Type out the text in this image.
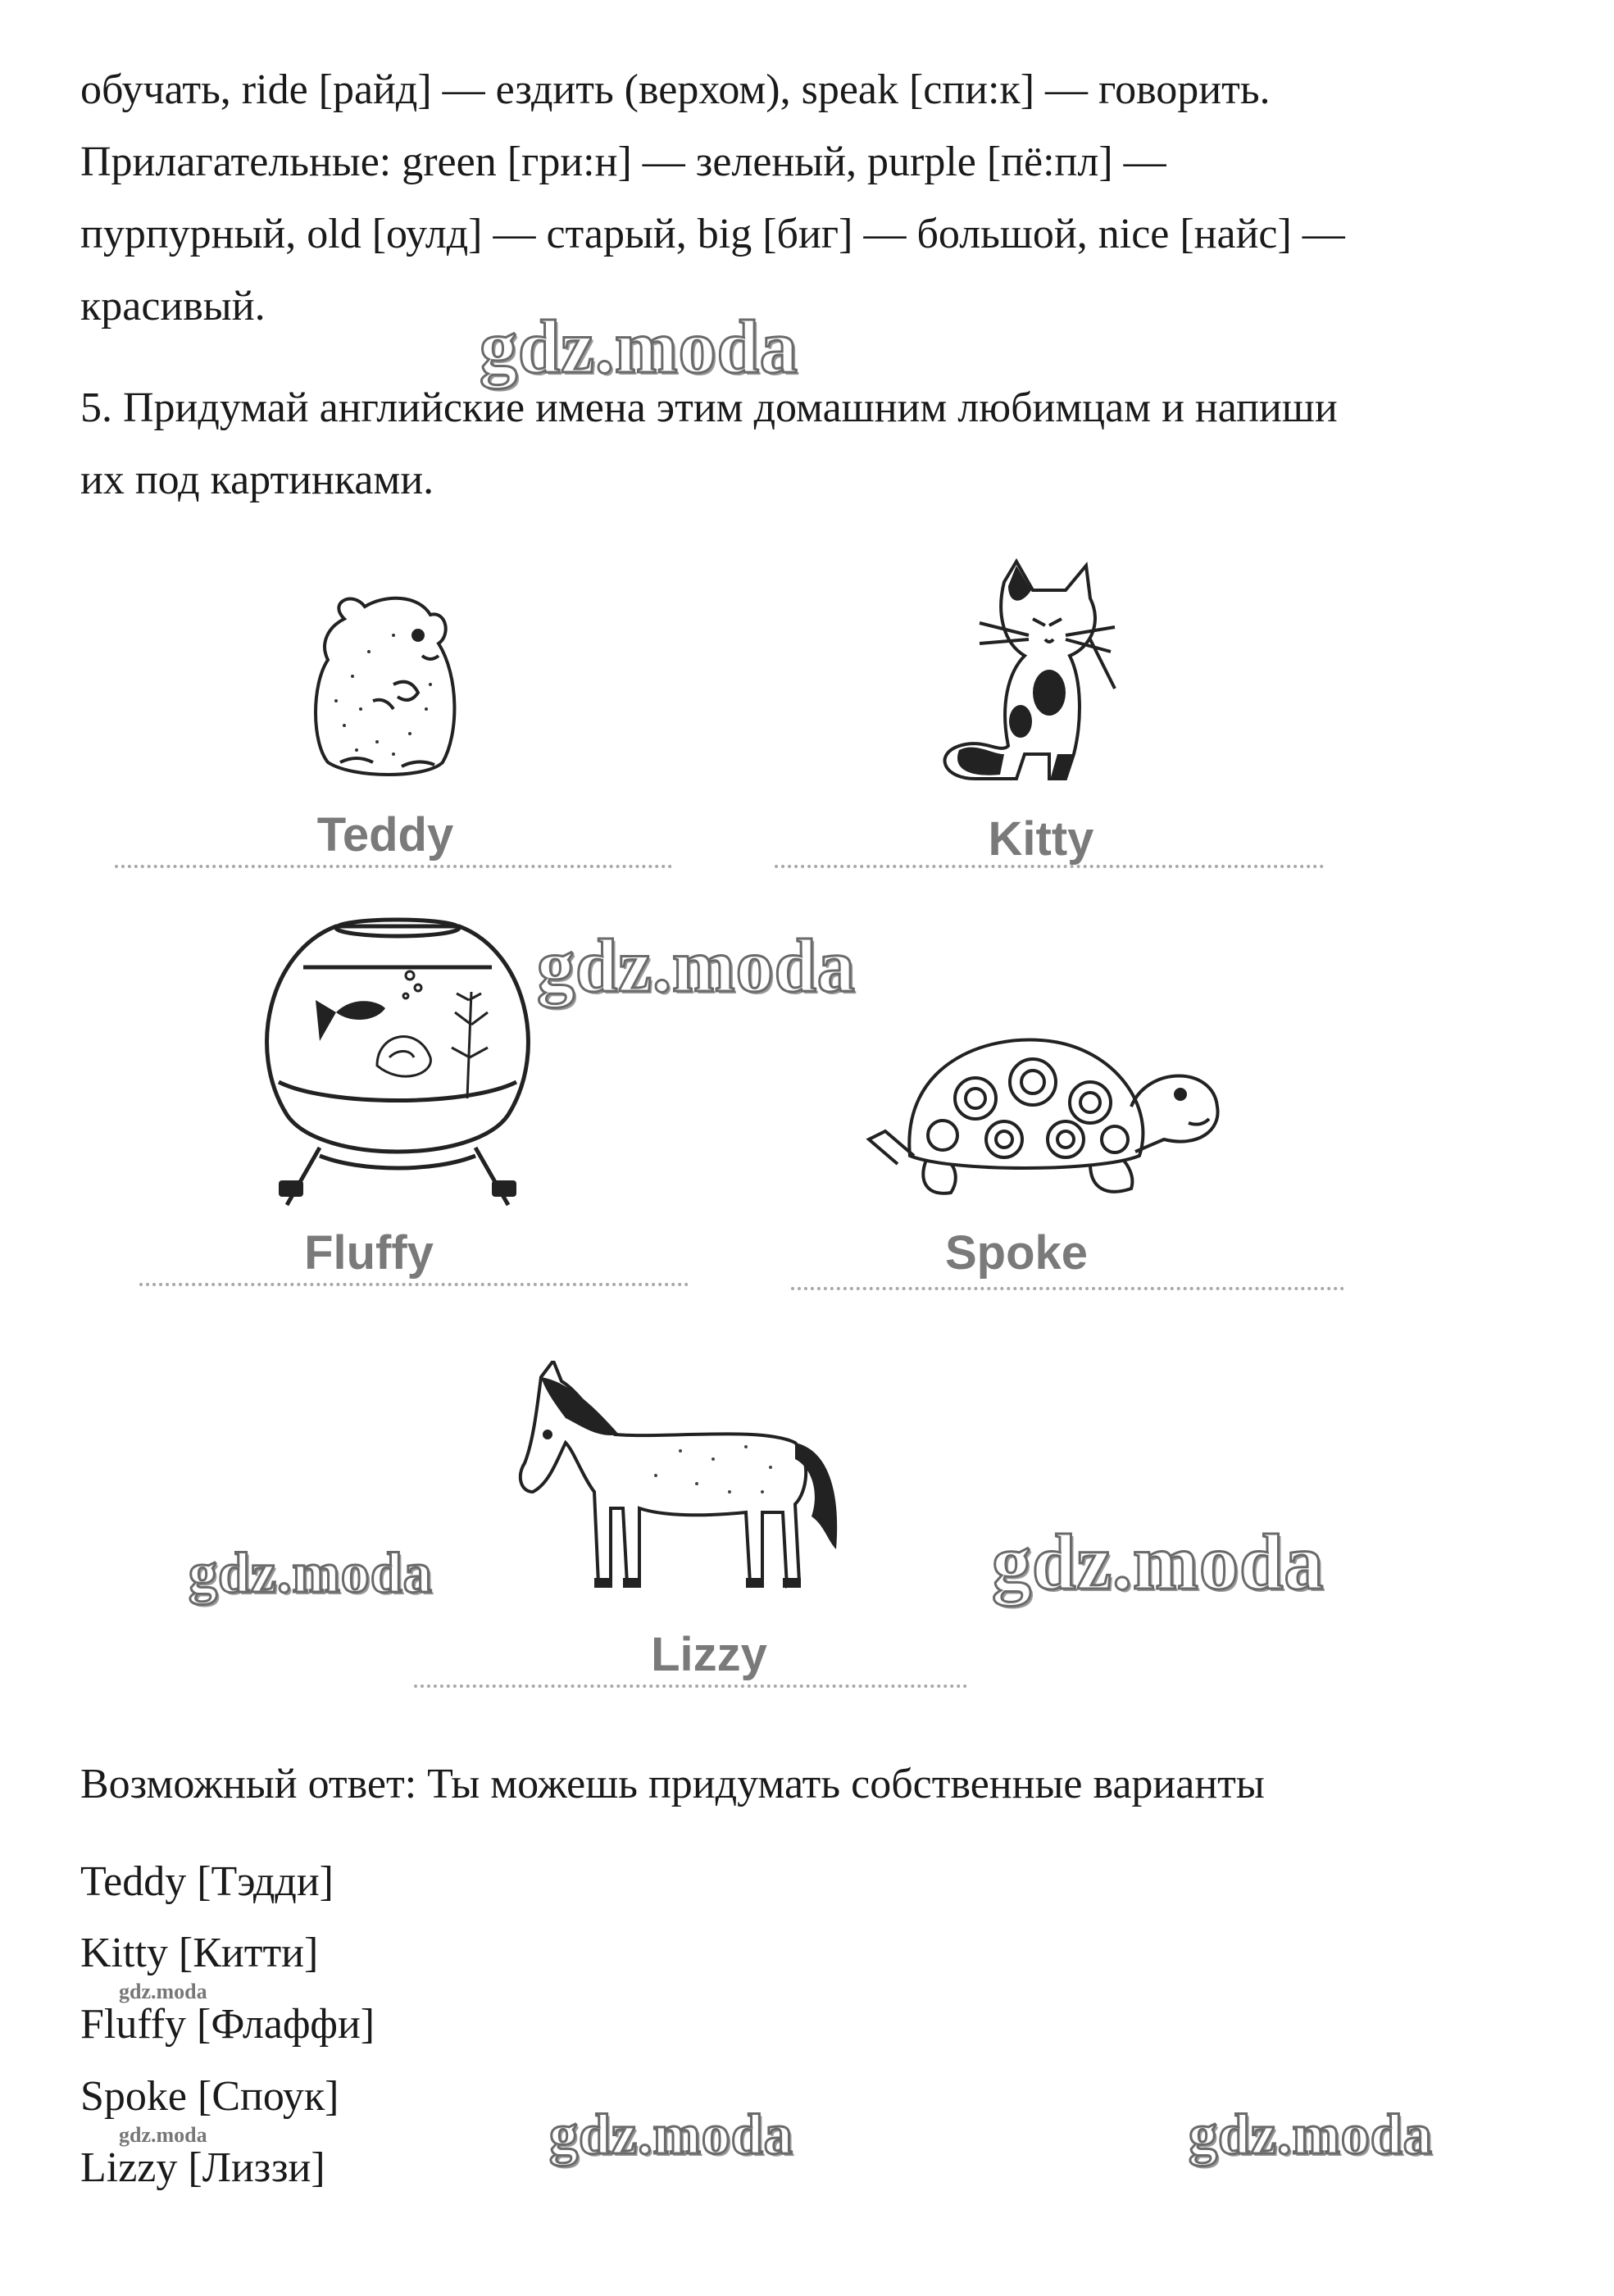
обучать, ride [райд] — ездить (верхом), speak [спи:к] — говорить.
Прилагательные: green [гри:н] — зеленый, purple [пё:пл] —
пурпурный, old [оулд] — старый, big [биг] — большой, nice [найс] —
красивый.
5. Придумай английские имена этим домашним любимцам и напиши
их под картинками.
Teddy	Kitty
Fluffy	Spoke
Lizzy
Возможный ответ: Ты можешь придумать собственные варианты
Teddy [Тэдди]
Kitty [Китти]
Fluffy [Флаффи]
Spoke [Споук]
Lizzy [Лиззи]
gdz.moda
gdz.moda
gdz.moda	gdz.moda
gdz.moda	gdz.moda
gdz.moda
gdz.moda
